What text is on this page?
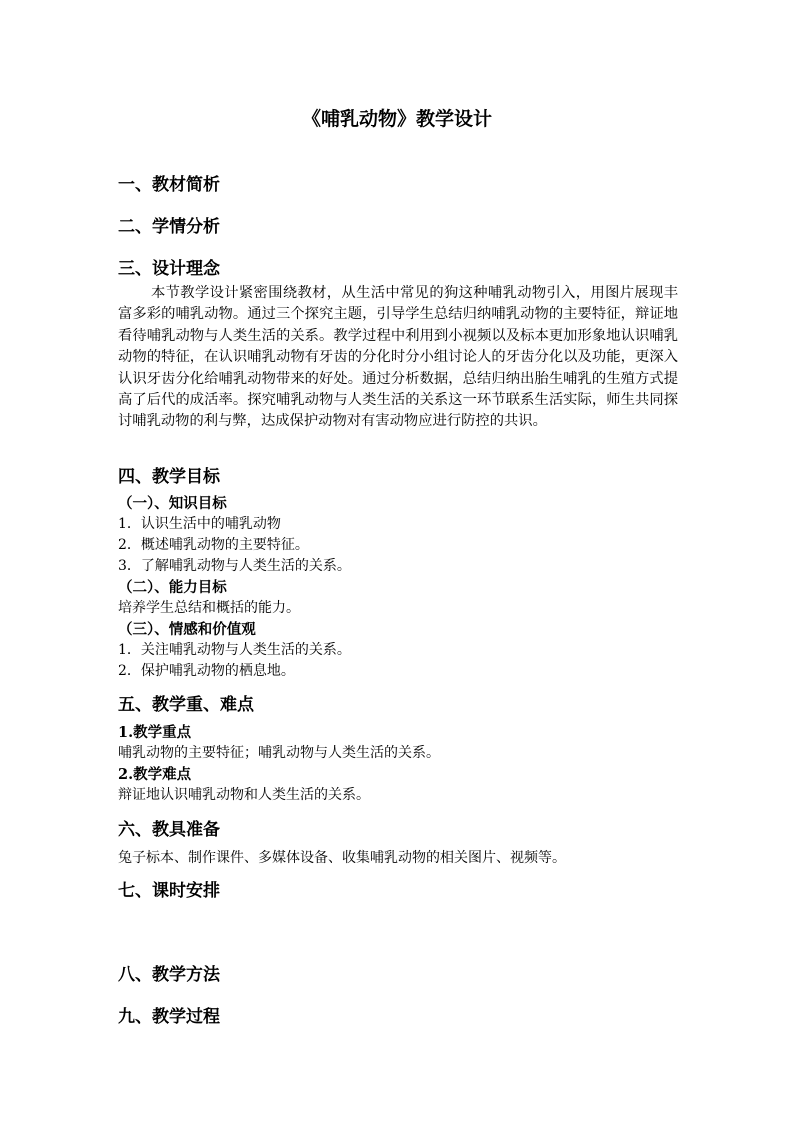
《哺乳动物》教学设计
一、教材简析
二、学情分析
三、设计理念
本节教学设计紧密围绕教材，从生活中常见的狗这种哺乳动物引入，用图片展现丰富多彩的哺乳动物。通过三个探究主题，引导学生总结归纳哺乳动物的主要特征，辩证地看待哺乳动物与人类生活的关系。教学过程中利用到小视频以及标本更加形象地认识哺乳动物的特征，在认识哺乳动物有牙齿的分化时分小组讨论人的牙齿分化以及功能，更深入认识牙齿分化给哺乳动物带来的好处。通过分析数据，总结归纳出胎生哺乳的生殖方式提高了后代的成活率。探究哺乳动物与人类生活的关系这一环节联系生活实际，师生共同探讨哺乳动物的利与弊，达成保护动物对有害动物应进行防控的共识。
四、教学目标
（一）、知识目标
1．认识生活中的哺乳动物
2．概述哺乳动物的主要特征。
3．了解哺乳动物与人类生活的关系。
（二）、能力目标
培养学生总结和概括的能力。
（三）、情感和价值观
1．关注哺乳动物与人类生活的关系。
2．保护哺乳动物的栖息地。
五、教学重、难点
1.教学重点
哺乳动物的主要特征；哺乳动物与人类生活的关系。
2.教学难点
辩证地认识哺乳动物和人类生活的关系。
六、教具准备
兔子标本、制作课件、多媒体设备、收集哺乳动物的相关图片、视频等。
七、课时安排
八、教学方法
九、教学过程
